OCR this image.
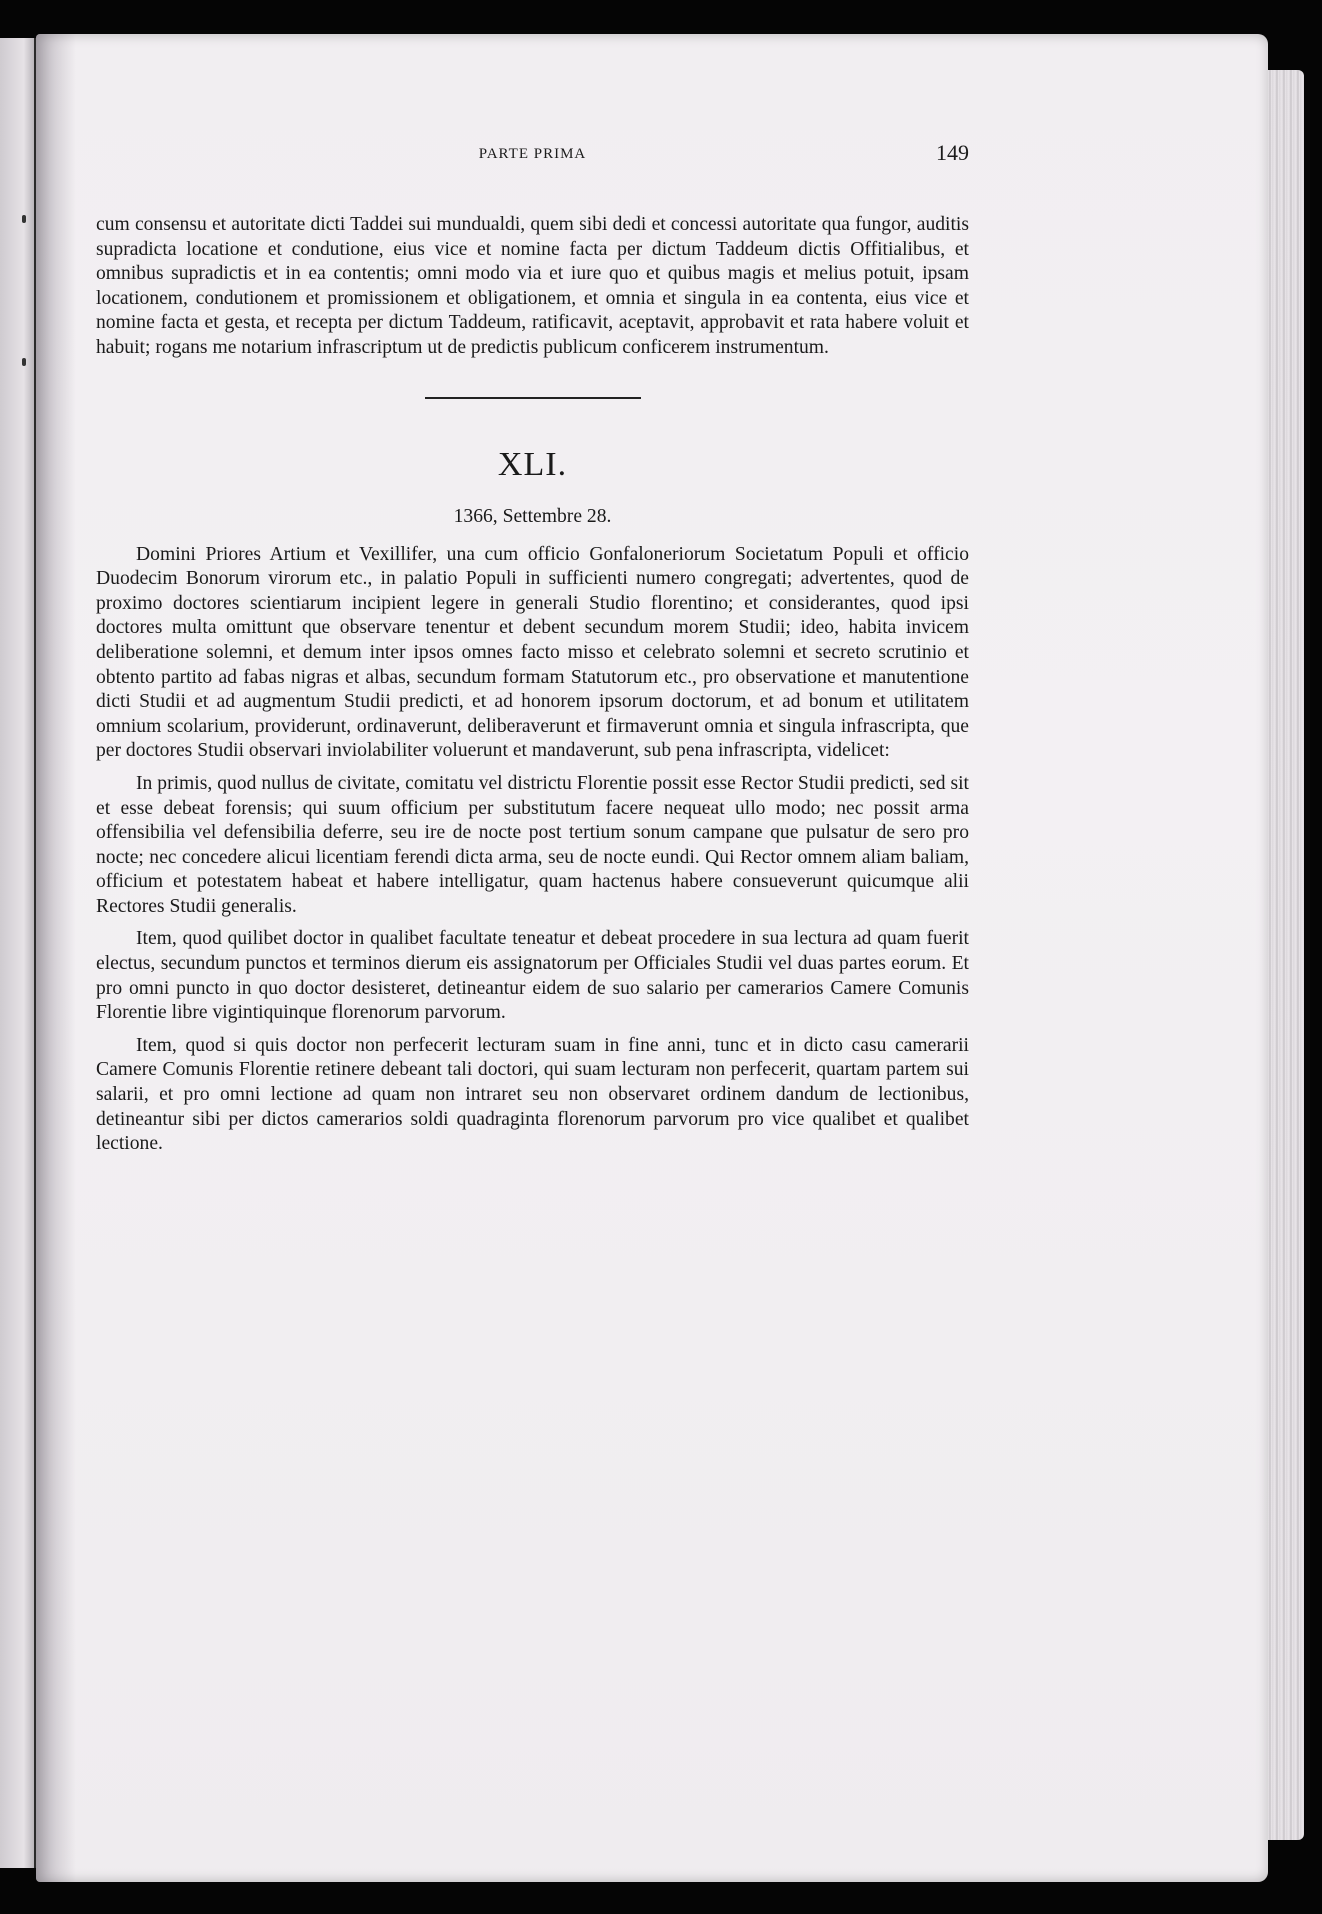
PARTE PRIMA	149

cum consensu et autoritate dicti Taddei sui mundualdi, quem sibi dedi et concessi autoritate qua fungor, auditis supradicta locatione et condutione, eius vice et nomine facta per dictum Taddeum dictis Offitialibus, et omnibus supradictis et in ea contentis; omni modo via et iure quo et quibus magis et melius potuit, ipsam locationem, condutionem et promissionem et obligationem, et omnia et singula in ea contenta, eius vice et nomine facta et gesta, et recepta per dictum Taddeum, ratificavit, aceptavit, approbavit et rata habere voluit et habuit; rogans me notarium infrascriptum ut de predictis publicum conficerem instrumentum.

XLI.
1366, Settembre 28.

Domini Priores Artium et Vexillifer, una cum officio Gonfaloneriorum Societatum Populi et officio Duodecim Bonorum virorum etc., in palatio Populi in sufficienti numero congregati; advertentes, quod de proximo doctores scientiarum incipient legere in generali Studio florentino; et considerantes, quod ipsi doctores multa omittunt que observare tenentur et debent secundum morem Studii; ideo, habita invicem deliberatione solemni, et demum inter ipsos omnes facto misso et celebrato solemni et secreto scrutinio et obtento partito ad fabas nigras et albas, secundum formam Statutorum etc., pro observatione et manutentione dicti Studii et ad augmentum Studii predicti, et ad honorem ipsorum doctorum, et ad bonum et utilitatem omnium scolarium, providerunt, ordinaverunt, deliberaverunt et firmaverunt omnia et singula infrascripta, que per doctores Studii observari inviolabiliter voluerunt et mandaverunt, sub pena infrascripta, videlicet:

In primis, quod nullus de civitate, comitatu vel districtu Florentie possit esse Rector Studii predicti, sed sit et esse debeat forensis; qui suum officium per substitutum facere nequeat ullo modo; nec possit arma offensibilia vel defensibilia deferre, seu ire de nocte post tertium sonum campane que pulsatur de sero pro nocte; nec concedere alicui licentiam ferendi dicta arma, seu de nocte eundi. Qui Rector omnem aliam baliam, officium et potestatem habeat et habere intelligatur, quam hactenus habere consueverunt quicumque alii Rectores Studii generalis.

Item, quod quilibet doctor in qualibet facultate teneatur et debeat procedere in sua lectura ad quam fuerit electus, secundum punctos et terminos dierum eis assignatorum per Officiales Studii vel duas partes eorum. Et pro omni puncto in quo doctor desisteret, detineantur eidem de suo salario per camerarios Camere Comunis Florentie libre vigintiquinque florenorum parvorum.

Item, quod si quis doctor non perfecerit lecturam suam in fine anni, tunc et in dicto casu camerarii Camere Comunis Florentie retinere debeant tali doctori, qui suam lecturam non perfecerit, quartam partem sui salarii, et pro omni lectione ad quam non intraret seu non observaret ordinem dandum de lectionibus, detineantur sibi per dictos camerarios soldi quadraginta florenorum parvorum pro vice qualibet et qualibet lectione.
